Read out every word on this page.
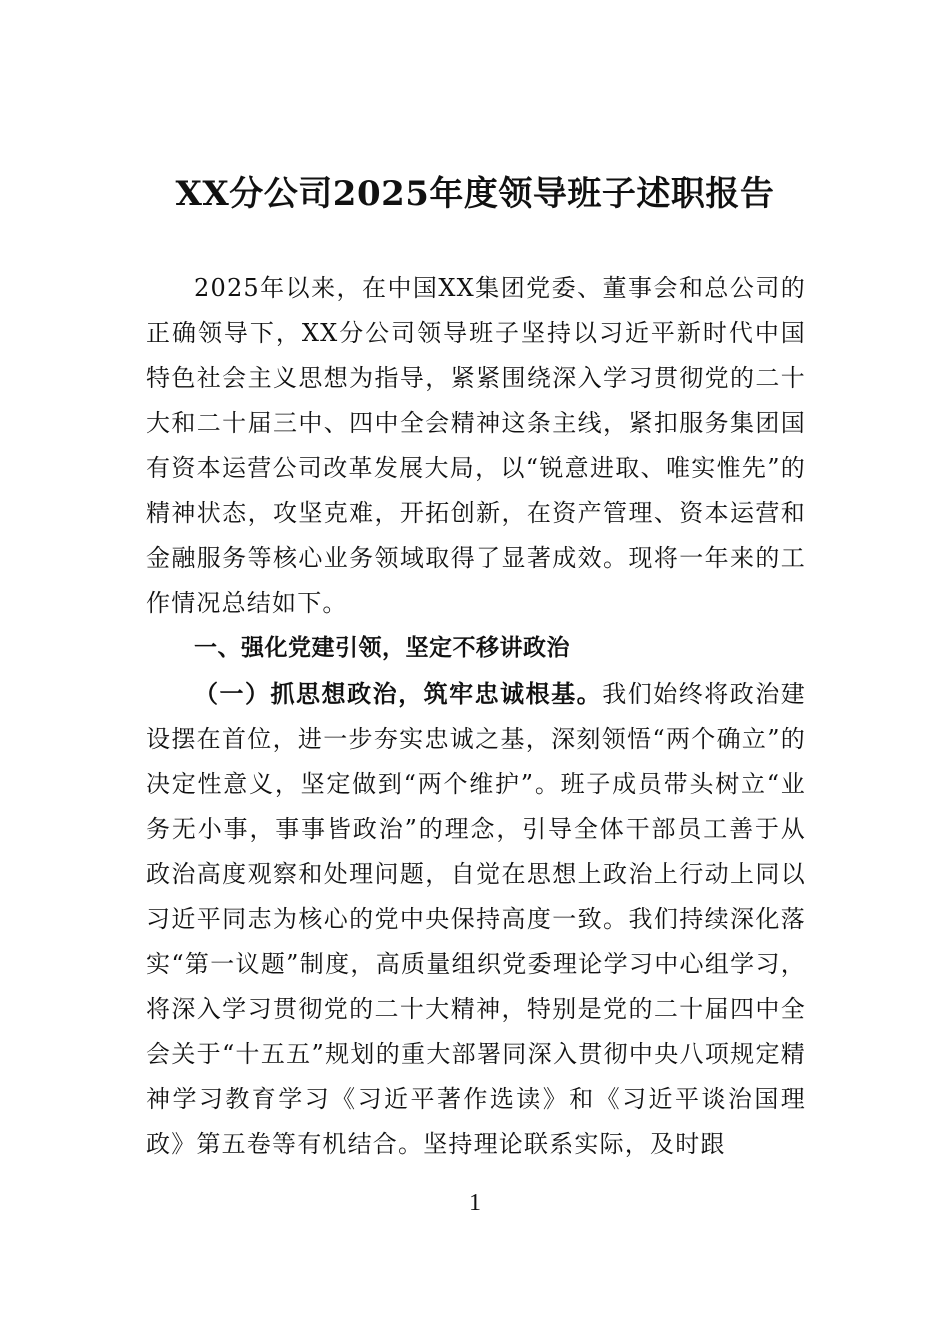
XX分公司2025年度领导班子述职报告

2025年以来，在中国XX集团党委、董事会和总公司的正确领导下，XX分公司领导班子坚持以习近平新时代中国特色社会主义思想为指导，紧紧围绕深入学习贯彻党的二十大和二十届三中、四中全会精神这条主线，紧扣服务集团国有资本运营公司改革发展大局，以“锐意进取、唯实惟先”的精神状态，攻坚克难，开拓创新，在资产管理、资本运营和金融服务等核心业务领域取得了显著成效。现将一年来的工作情况总结如下。

一、强化党建引领，坚定不移讲政治

（一）抓思想政治，筑牢忠诚根基。我们始终将政治建设摆在首位，进一步夯实忠诚之基，深刻领悟“两个确立”的决定性意义，坚定做到“两个维护”。班子成员带头树立“业务无小事，事事皆政治”的理念，引导全体干部员工善于从政治高度观察和处理问题，自觉在思想上政治上行动上同以习近平同志为核心的党中央保持高度一致。我们持续深化落实“第一议题”制度，高质量组织党委理论学习中心组学习，将深入学习贯彻党的二十大精神，特别是党的二十届四中全会关于“十五五”规划的重大部署同深入贯彻中央八项规定精神学习教育学习《习近平著作选读》和《习近平谈治国理政》第五卷等有机结合。坚持理论联系实际，及时跟

1
